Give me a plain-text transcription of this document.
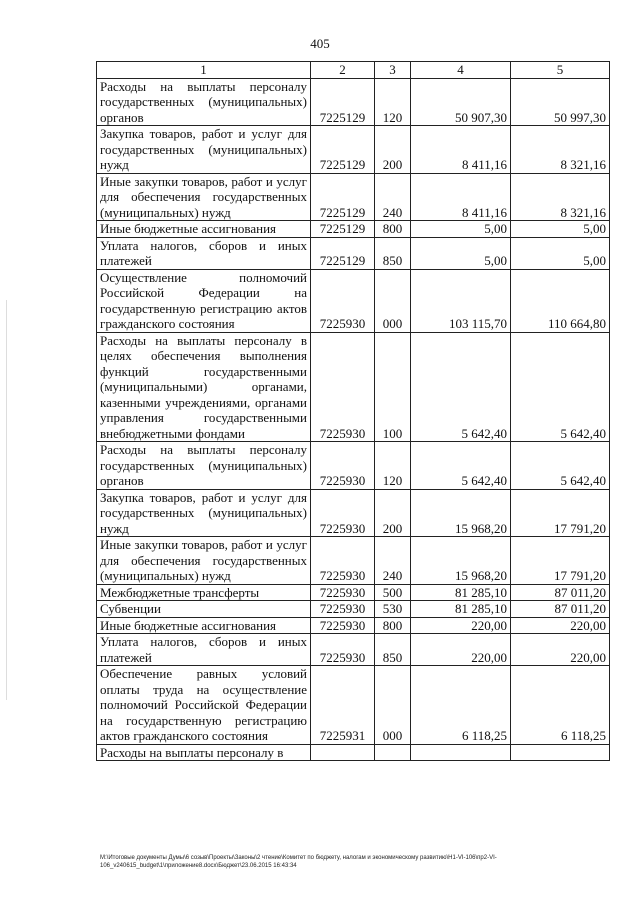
405
1	2	3	4	5
Расходы на выплаты персоналу государственных (муниципальных) органов	7225129	120	50 907,30	50 997,30
Закупка товаров, работ и услуг для государственных (муниципальных) нужд	7225129	200	8 411,16	8 321,16
Иные закупки товаров, работ и услуг для обеспечения государственных (муниципальных) нужд	7225129	240	8 411,16	8 321,16
Иные бюджетные ассигнования	7225129	800	5,00	5,00
Уплата налогов, сборов и иных платежей	7225129	850	5,00	5,00
Осуществление полномочий Российской Федерации на государственную регистрацию актов гражданского состояния	7225930	000	103 115,70	110 664,80
Расходы на выплаты персоналу в целях обеспечения выполнения функций государственными (муниципальными) органами, казенными учреждениями, органами управления государственными внебюджетными фондами	7225930	100	5 642,40	5 642,40
Расходы на выплаты персоналу государственных (муниципальных) органов	7225930	120	5 642,40	5 642,40
Закупка товаров, работ и услуг для государственных (муниципальных) нужд	7225930	200	15 968,20	17 791,20
Иные закупки товаров, работ и услуг для обеспечения государственных (муниципальных) нужд	7225930	240	15 968,20	17 791,20
Межбюджетные трансферты	7225930	500	81 285,10	87 011,20
Субвенции	7225930	530	81 285,10	87 011,20
Иные бюджетные ассигнования	7225930	800	220,00	220,00
Уплата налогов, сборов и иных платежей	7225930	850	220,00	220,00
Обеспечение равных условий оплаты труда на осуществление полномочий Российской Федерации на государственную регистрацию актов гражданского состояния	7225931	000	6 118,25	6 118,25
Расходы на выплаты персоналу в				
M:\Итоговые документы Думы\6 созыв\Проекты\Законы\2 чтение\Комитет по бюджету, налогам и экономическому развитию\Н1-VI-106\пр2-VI-
106_v240615_budget\1\приложение8.docx\Бюджет\23.06.2015 16:43:34
